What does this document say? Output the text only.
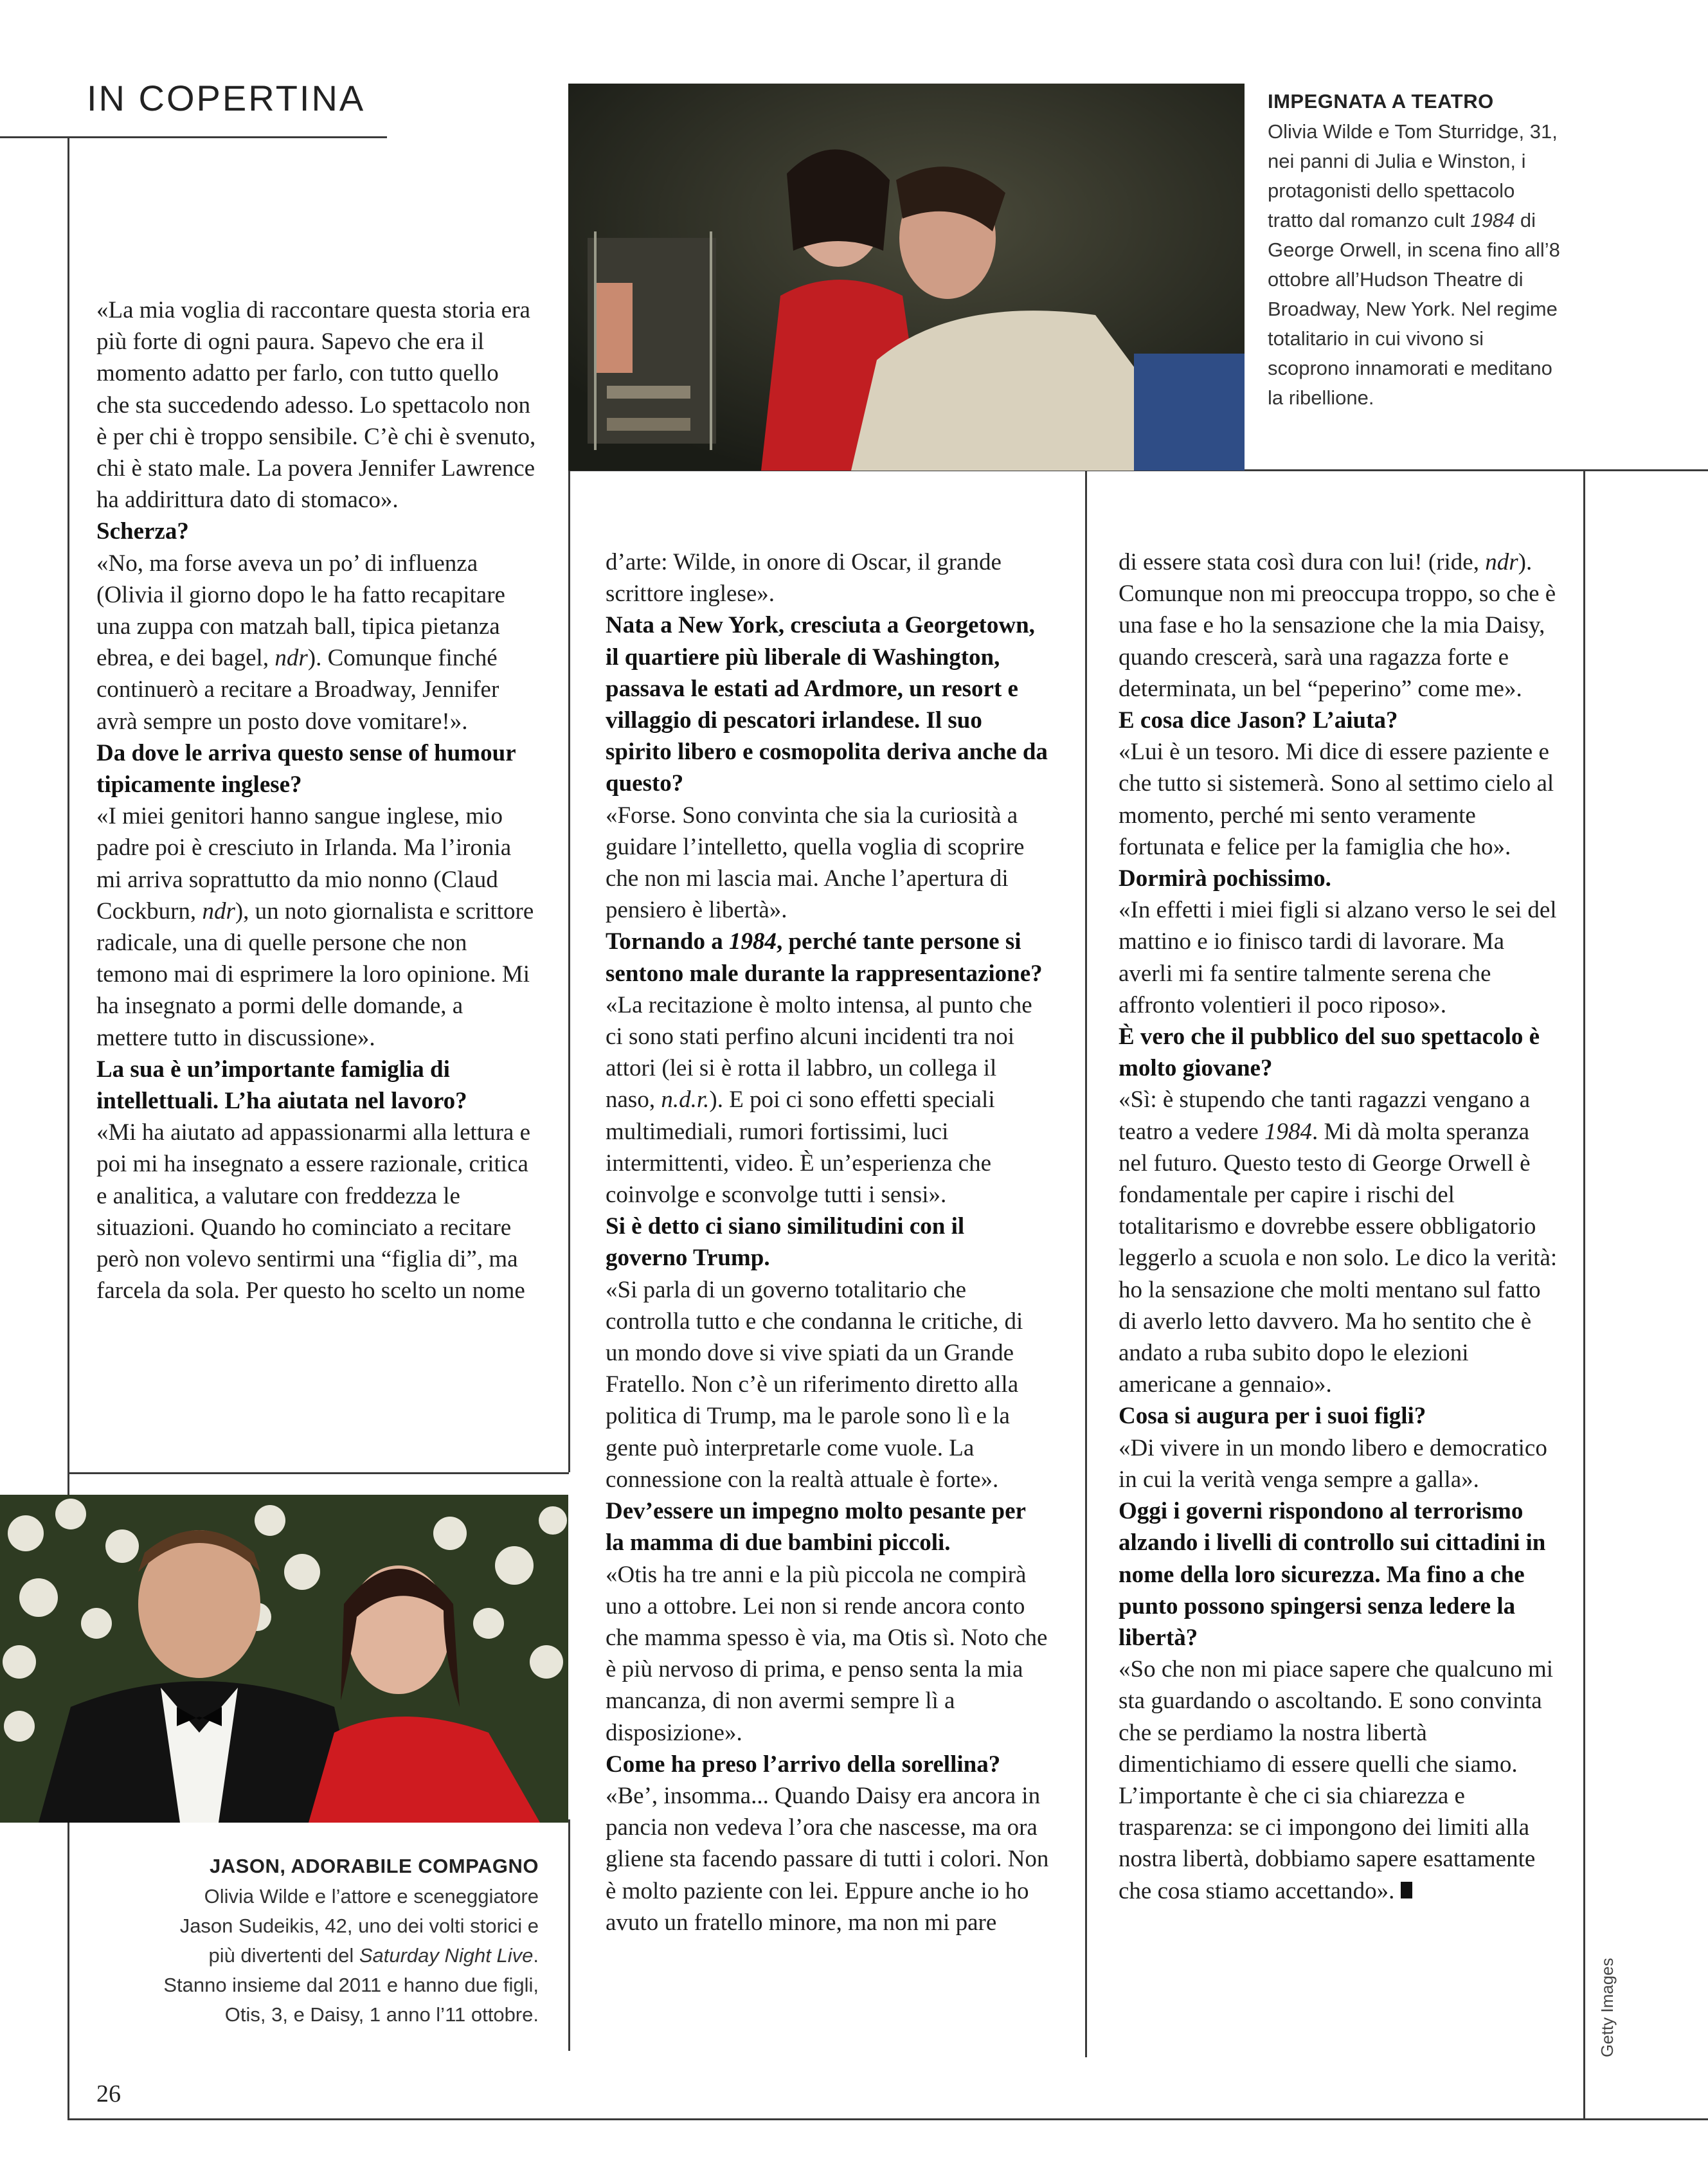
IN COPERTINA	IMPEGNATA A TEATRO
Olivia Wilde e Tom Sturridge, 31, nei panni di Julia e Winston, i protagonisti dello spettacolo tratto dal romanzo cult 1984 di George Orwell, in scena fino all’8 ottobre all’Hudson Theatre di Broadway, New York. Nel regime totalitario in cui vivono si scoprono innamorati e meditano la ribellione.

«La mia voglia di raccontare questa storia era più forte di ogni paura. Sapevo che era il momento adatto per farlo, con tutto quello che sta succedendo adesso. Lo spettacolo non è per chi è troppo sensibile. C’è chi è svenuto, chi è stato male. La povera Jennifer Lawrence ha addirittura dato di stomaco».

Scherza?

«No, ma forse aveva un po’ di influenza (Olivia il giorno dopo le ha fatto recapitare una zuppa con matzah ball, tipica pietanza ebrea, e dei bagel, ndr). Comunque finché continuerò a recitare a Broadway, Jennifer avrà sempre un posto dove vomitare!».

Da dove le arriva questo sense of humour tipicamente inglese?

«I miei genitori hanno sangue inglese, mio padre poi è cresciuto in Irlanda. Ma l’ironia mi arriva soprattutto da mio nonno (Claud Cockburn, ndr), un noto giornalista e scrittore radicale, una di quelle persone che non temono mai di esprimere la loro opinione. Mi ha insegnato a pormi delle domande, a mettere tutto in discussione».

La sua è un’importante famiglia di intellettuali. L’ha aiutata nel lavoro?

«Mi ha aiutato ad appassionarmi alla lettura e poi mi ha insegnato a essere razionale, critica e analitica, a valutare con freddezza le situazioni. Quando ho cominciato a recitare però non volevo sentirmi una “figlia di”, ma farcela da sola. Per questo ho scelto un nome

JASON, ADORABILE COMPAGNO
Olivia Wilde e l’attore e sceneggiatore Jason Sudeikis, 42, uno dei volti storici e più divertenti del Saturday Night Live. Stanno insieme dal 2011 e hanno due figli, Otis, 3, e Daisy, 1 anno l’11 ottobre.

d’arte: Wilde, in onore di Oscar, il grande scrittore inglese».

Nata a New York, cresciuta a Georgetown, il quartiere più liberale di Washington, passava le estati ad Ardmore, un resort e villaggio di pescatori irlandese. Il suo spirito libero e cosmopolita deriva anche da questo?

«Forse. Sono convinta che sia la curiosità a guidare l’intelletto, quella voglia di scoprire che non mi lascia mai. Anche l’apertura di pensiero è libertà».

Tornando a 1984, perché tante persone si sentono male durante la rappresentazione?

«La recitazione è molto intensa, al punto che ci sono stati perfino alcuni incidenti tra noi attori (lei si è rotta il labbro, un collega il naso, n.d.r.). E poi ci sono effetti speciali multimediali, rumori fortissimi, luci intermittenti, video. È un’esperienza che coinvolge e sconvolge tutti i sensi».

Si è detto ci siano similitudini con il governo Trump.

«Si parla di un governo totalitario che controlla tutto e che condanna le critiche, di un mondo dove si vive spiati da un Grande Fratello. Non c’è un riferimento diretto alla politica di Trump, ma le parole sono lì e la gente può interpretarle come vuole. La connessione con la realtà attuale è forte».

Dev’essere un impegno molto pesante per la mamma di due bambini piccoli.

«Otis ha tre anni e la più piccola ne compirà uno a ottobre. Lei non si rende ancora conto che mamma spesso è via, ma Otis sì. Noto che è più nervoso di prima, e penso senta la mia mancanza, di non avermi sempre lì a disposizione».

Come ha preso l’arrivo della sorellina?

«Be’, insomma... Quando Daisy era ancora in pancia non vedeva l’ora che nascesse, ma ora gliene sta facendo passare di tutti i colori. Non è molto paziente con lei. Eppure anche io ho avuto un fratello minore, ma non mi pare

di essere stata così dura con lui! (ride, ndr). Comunque non mi preoccupa troppo, so che è una fase e ho la sensazione che la mia Daisy, quando crescerà, sarà una ragazza forte e determinata, un bel “peperino” come me».

E cosa dice Jason? L’aiuta?

«Lui è un tesoro. Mi dice di essere paziente e che tutto si sistemerà. Sono al settimo cielo al momento, perché mi sento veramente fortunata e felice per la famiglia che ho».

Dormirà pochissimo.

«In effetti i miei figli si alzano verso le sei del mattino e io finisco tardi di lavorare. Ma averli mi fa sentire talmente serena che affronto volentieri il poco riposo».

È vero che il pubblico del suo spettacolo è molto giovane?

«Sì: è stupendo che tanti ragazzi vengano a teatro a vedere 1984. Mi dà molta speranza nel futuro. Questo testo di George Orwell è fondamentale per capire i rischi del totalitarismo e dovrebbe essere obbligatorio leggerlo a scuola e non solo. Le dico la verità: ho la sensazione che molti mentano sul fatto di averlo letto davvero. Ma ho sentito che è andato a ruba subito dopo le elezioni americane a gennaio».

Cosa si augura per i suoi figli?

«Di vivere in un mondo libero e democratico in cui la verità venga sempre a galla».

Oggi i governi rispondono al terrorismo alzando i livelli di controllo sui cittadini in nome della loro sicurezza. Ma fino a che punto possono spingersi senza ledere la libertà?

«So che non mi piace sapere che qualcuno mi sta guardando o ascoltando. E sono convinta che se perdiamo la nostra libertà dimentichiamo di essere quelli che siamo. L’importante è che ci sia chiarezza e trasparenza: se ci impongono dei limiti alla nostra libertà, dobbiamo sapere esattamente che cosa stiamo accettando».

26
Getty Images
